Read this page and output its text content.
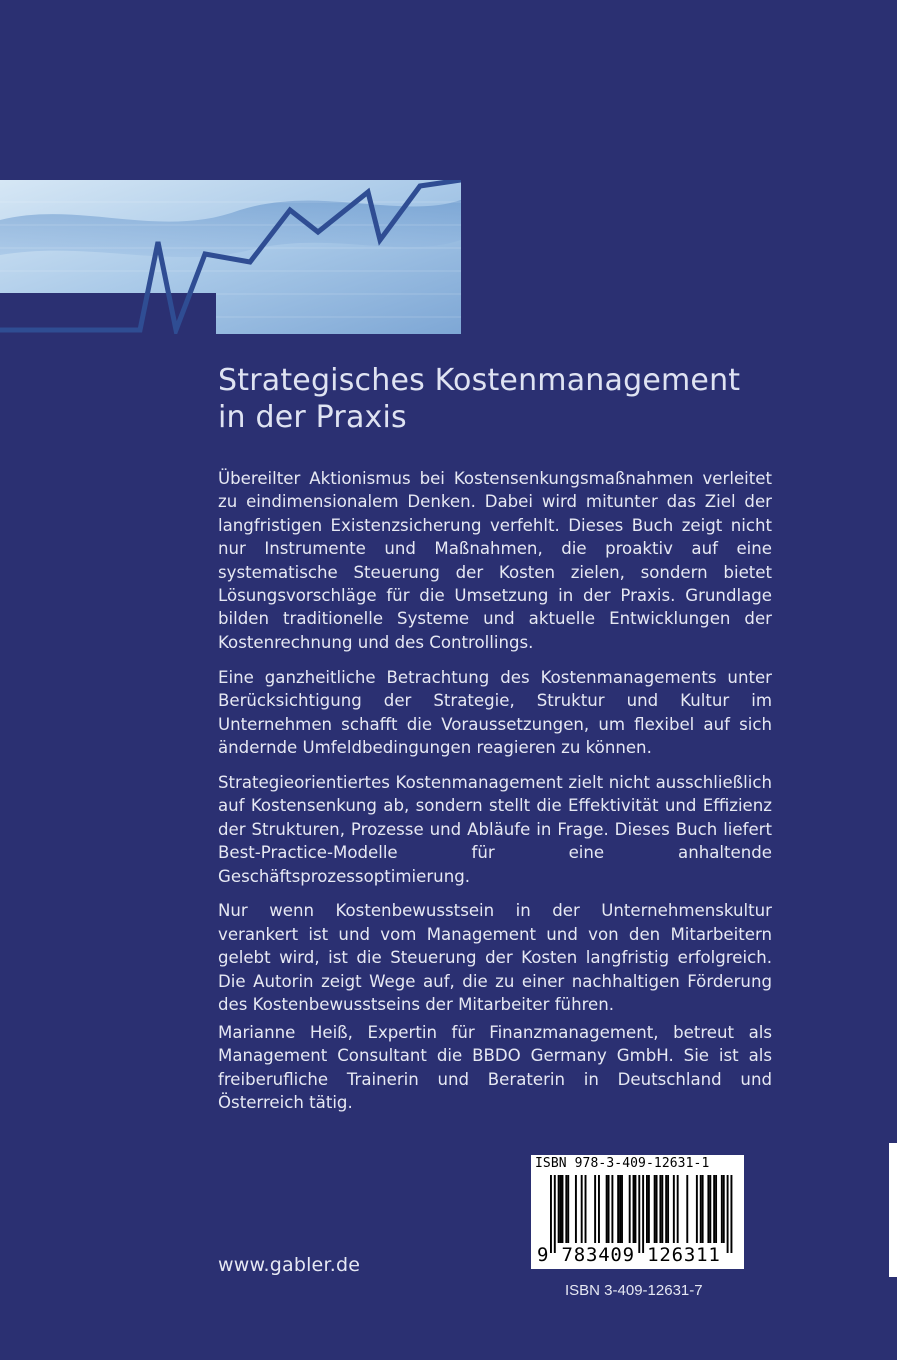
Strategisches Kostenmanagement
in der Praxis

Übereilter Aktionismus bei Kostensenkungsmaßnahmen verleitet zu eindimensionalem Denken. Dabei wird mitunter das Ziel der langfristigen Existenzsicherung verfehlt. Dieses Buch zeigt nicht nur Instrumente und Maßnahmen, die proaktiv auf eine systematische Steuerung der Kosten zielen, sondern bietet Lösungsvorschläge für die Umsetzung in der Praxis. Grundlage bilden traditionelle Systeme und aktuelle Entwicklungen der Kostenrechnung und des Controllings.

Eine ganzheitliche Betrachtung des Kostenmanagements unter Berücksichtigung der Strategie, Struktur und Kultur im Unternehmen schafft die Voraussetzungen, um flexibel auf sich ändernde Umfeldbedingungen reagieren zu können.

Strategieorientiertes Kostenmanagement zielt nicht ausschließlich auf Kostensenkung ab, sondern stellt die Effektivität und Effizienz der Strukturen, Prozesse und Abläufe in Frage. Dieses Buch liefert Best-Practice-Modelle für eine anhaltende Geschäftsprozessoptimierung.

Nur wenn Kostenbewusstsein in der Unternehmenskultur verankert ist und vom Management und von den Mitarbeitern gelebt wird, ist die Steuerung der Kosten langfristig erfolgreich. Die Autorin zeigt Wege auf, die zu einer nachhaltigen Förderung des Kostenbewusstseins der Mitarbeiter führen.

Marianne Heiß, Expertin für Finanzmanagement, betreut als Management Consultant die BBDO Germany GmbH. Sie ist als freiberufliche Trainerin und Beraterin in Deutschland und Österreich tätig.

www.gabler.de
ISBN 978-3-409-12631-1
9 783409 126311
ISBN 3-409-12631-7
